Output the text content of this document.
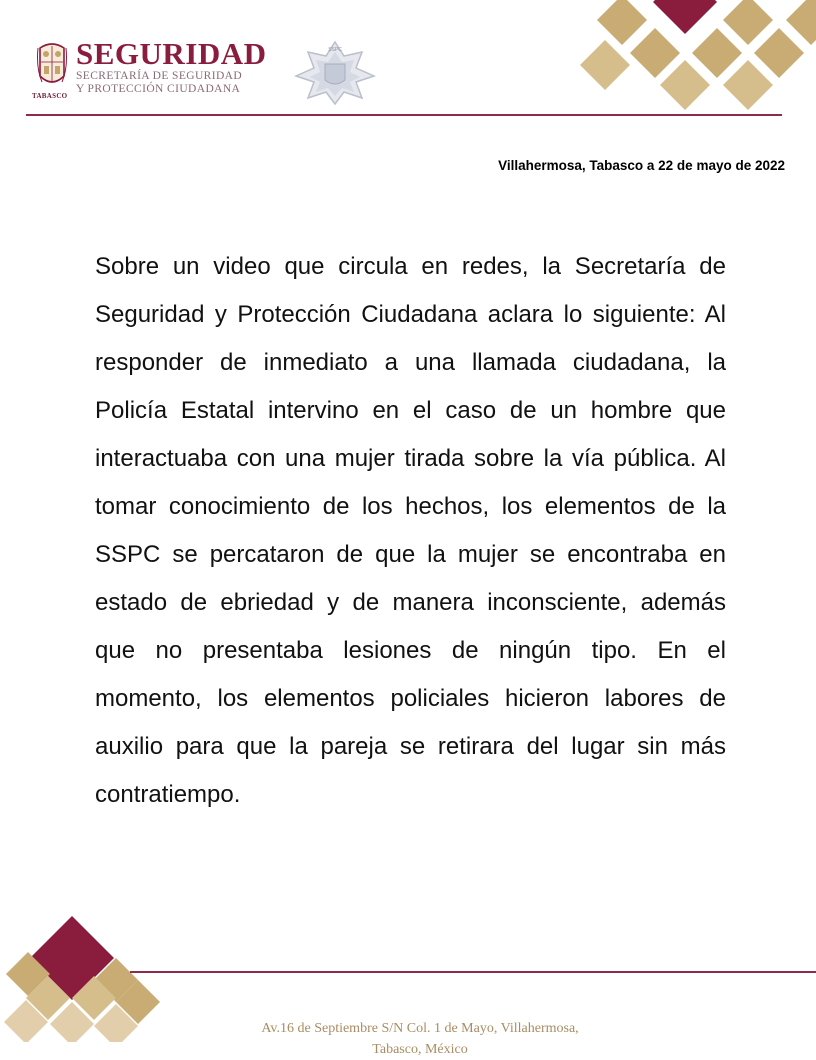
TABASCO
SEGURIDAD
SECRETARÍA DE SEGURIDAD
Y PROTECCIÓN CIUDADANA
SSPC
Villahermosa, Tabasco a 22 de mayo de 2022

Sobre un video que circula en redes, la Secretaría de Seguridad y Protección Ciudadana aclara lo siguiente: Al responder de inmediato a una llamada ciudadana, la Policía Estatal intervino en el caso de un hombre que interactuaba con una mujer tirada sobre la vía pública. Al tomar conocimiento de los hechos, los elementos de la SSPC se percataron de que la mujer se encontraba en estado de ebriedad y de manera inconsciente, además que no presentaba lesiones de ningún tipo. En el momento, los elementos policiales hicieron labores de auxilio para que la pareja se retirara del lugar sin más contratiempo.

Av.16 de Septiembre S/N Col. 1 de Mayo, Villahermosa,
Tabasco, México
